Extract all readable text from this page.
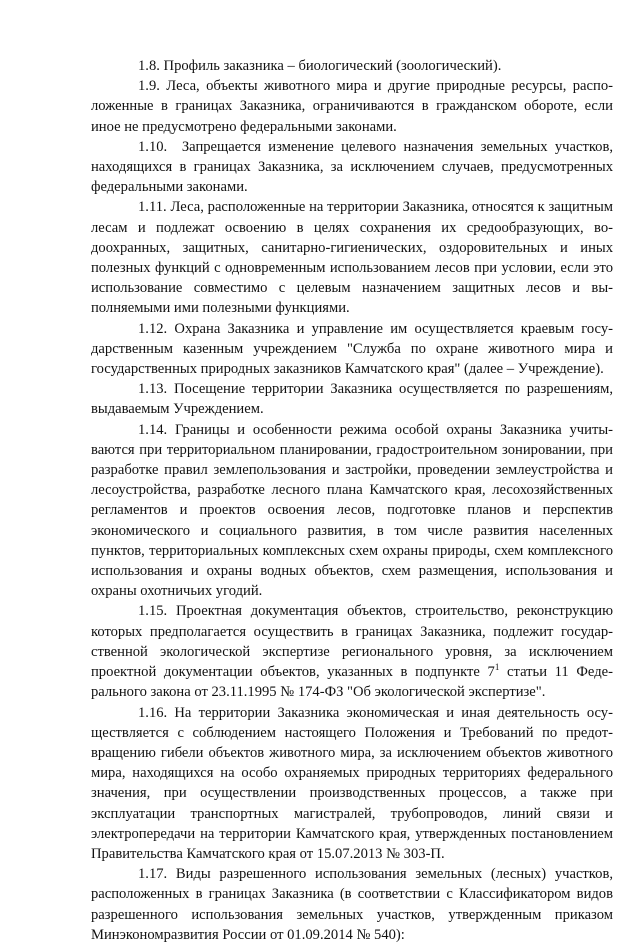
1.8. Профиль заказника – биологический (зоологический).

1.9. Леса, объекты животного мира и другие природные ресурсы, расположенные в границах Заказника, ограничиваются в гражданском обороте, если иное не предусмотрено федеральными законами.

1.10. Запрещается изменение целевого назначения земельных участков, находящихся в границах Заказника, за исключением случаев, предусмотренных федеральными законами.

1.11. Леса, расположенные на территории Заказника, относятся к защитным лесам и подлежат освоению в целях сохранения их средообразующих, водоохранных, защитных, санитарно-гигиенических, оздоровительных и иных полезных функций с одновременным использованием лесов при условии, если это использование совместимо с целевым назначением защитных лесов и выполняемыми ими полезными функциями.

1.12. Охрана Заказника и управление им осуществляется краевым государственным казенным учреждением "Служба по охране животного мира и государственных природных заказников Камчатского края" (далее – Учреждение).

1.13. Посещение территории Заказника осуществляется по разрешениям, выдаваемым Учреждением.

1.14. Границы и особенности режима особой охраны Заказника учитываются при территориальном планировании, градостроительном зонировании, при разработке правил землепользования и застройки, проведении землеустройства и лесоустройства, разработке лесного плана Камчатского края, лесохозяйственных регламентов и проектов освоения лесов, подготовке планов и перспектив экономического и социального развития, в том числе развития населенных пунктов, территориальных комплексных схем охраны природы, схем комплексного использования и охраны водных объектов, схем размещения, использования и охраны охотничьих угодий.

1.15. Проектная документация объектов, строительство, реконструкцию которых предполагается осуществить в границах Заказника, подлежит государственной экологической экспертизе регионального уровня, за исключением проектной документации объектов, указанных в подпункте $7^1$ статьи 11 Федерального закона от 23.11.1995 № 174-ФЗ "Об экологической экспертизе".

1.16. На территории Заказника экономическая и иная деятельность осуществляется с соблюдением настоящего Положения и Требований по предотвращению гибели объектов животного мира, за исключением объектов животного мира, находящихся на особо охраняемых природных территориях федерального значения, при осуществлении производственных процессов, а также при эксплуатации транспортных магистралей, трубопроводов, линий связи и электропередачи на территории Камчатского края, утвержденных постановлением Правительства Камчатского края от 15.07.2013 № 303-П.

1.17. Виды разрешенного использования земельных (лесных) участков, расположенных в границах Заказника (в соответствии с Классификатором видов разрешенного использования земельных участков, утвержденным приказом Минэкономразвития России от 01.09.2014 № 540):
